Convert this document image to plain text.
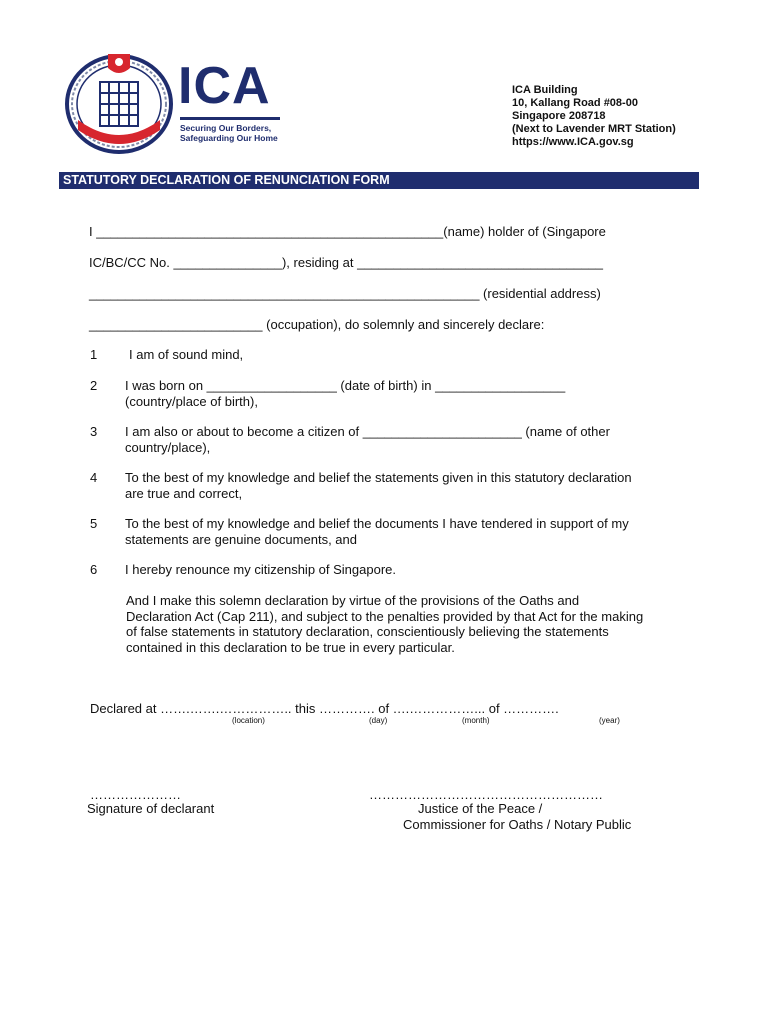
ICA
Securing Our Borders,
Safeguarding Our Home
ICA Building
10, Kallang Road #08-00
Singapore 208718
(Next to Lavender MRT Station)
https://www.ICA.gov.sg
STATUTORY DECLARATION OF RENUNCIATION FORM
I ________________________________________________(name) holder of (Singapore
IC/BC/CC No. _______________), residing at __________________________________
______________________________________________________ (residential address)
________________________ (occupation), do solemnly and sincerely declare:
1 I am of sound mind,
2 I was born on __________________ (date of birth) in __________________ (country/place of birth),
3 I am also or about to become a citizen of ______________________ (name of other country/place),
4 To the best of my knowledge and belief the statements given in this statutory declaration are true and correct,
5 To the best of my knowledge and belief the documents I have tendered in support of my statements are genuine documents, and
6 I hereby renounce my citizenship of Singapore.
And I make this solemn declaration by virtue of the provisions of the Oaths and Declaration Act (Cap 211), and subject to the penalties provided by that Act for the making of false statements in statutory declaration, conscientiously believing the statements contained in this declaration to be true in every particular.
Declared at …….…….…………….. this …………. of ….……………... of ………….
(location)	(day)	(month)	(year)
…………………
Signature of declarant
………………………………………………
Justice of the Peace /
Commissioner for Oaths / Notary Public
